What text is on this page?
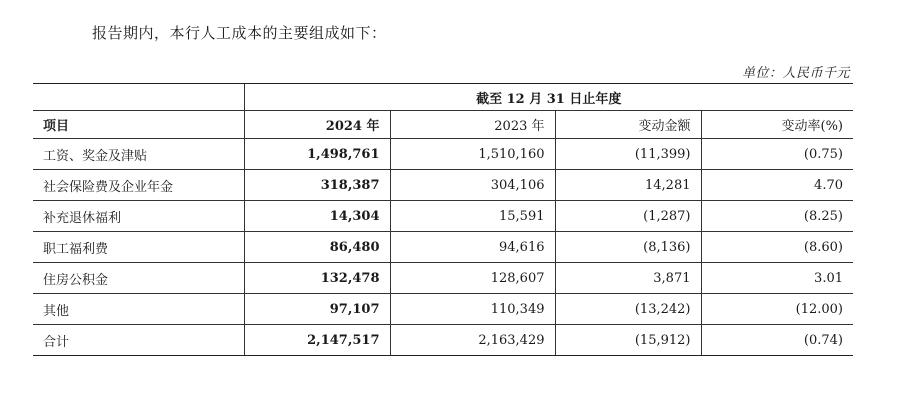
报告期内，本行人工成本的主要组成如下：
单位：人民币千元
	截至 12 月 31 日止年度			
项目	2024 年	2023 年	变动金额	变动率(%)
工资、奖金及津贴	1,498,761	1,510,160	(11,399)	(0.75)
社会保险费及企业年金	318,387	304,106	14,281	4.70
补充退休福利	14,304	15,591	(1,287)	(8.25)
职工福利费	86,480	94,616	(8,136)	(8.60)
住房公积金	132,478	128,607	3,871	3.01
其他	97,107	110,349	(13,242)	(12.00)
合计	2,147,517	2,163,429	(15,912)	(0.74)
